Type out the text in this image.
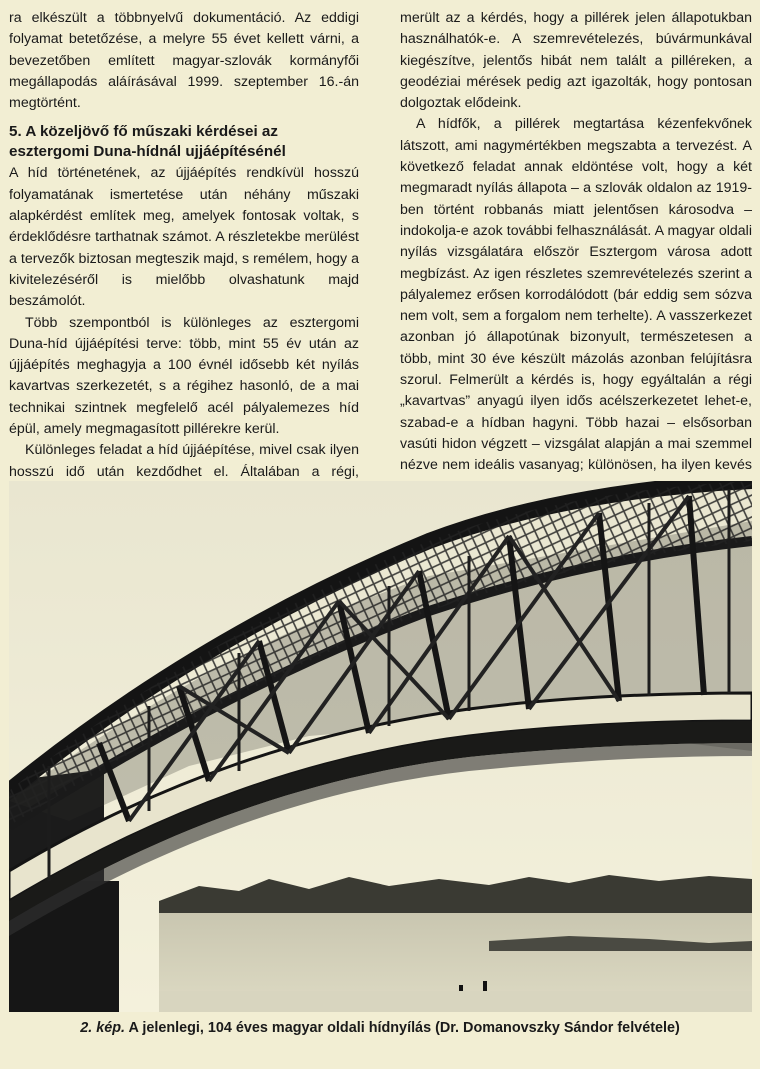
ra elkészült a többnyelvű dokumentáció. Az eddigi folyamat betetőzése, a melyre 55 évet kellett várni, a bevezetőben említett magyar-szlovák kormányfői megállapodás aláírásával 1999. szeptember 16.-án megtörtént.

5. A közeljövő fő műszaki kérdései az esztergomi Duna-hídnál ujjáépítésénél

A híd történetének, az újjáépítés rendkívül hosszú folyamatának ismertetése után néhány műszaki alapkérdést említek meg, amelyek fontosak voltak, s érdeklődésre tarthatnak számot. A részletekbe merülést a tervezők biztosan megteszik majd, s remélem, hogy a kivitelezéséről is mielőbb olvashatunk majd beszámolót.

Több szempontból is különleges az esztergomi Duna-híd újjáépítési terve: több, mint 55 év után az újjáépítés meghagyja a 100 évnél idősebb két nyílás kavartvas szerkezetét, s a régihez hasonló, de a mai technikai szintnek megfelelő acél pályalemezes híd épül, amely megmagasított pillérekre kerül.

Különleges feladat a híd újjáépítése, mivel csak ilyen hosszú idő után kezdődhet el. Általában a régi,

merült az a kérdés, hogy a pillérek jelen állapotukban használhatók-e. A szemrevételezés, búvármunkával kiegészítve, jelentős hibát nem talált a pilléreken, a geodéziai mérések pedig azt igazolták, hogy pontosan dolgoztak elődeink.

A hídfők, a pillérek megtartása kézenfekvőnek látszott, ami nagymértékben megszabta a tervezést. A következő feladat annak eldöntése volt, hogy a két megmaradt nyílás állapota – a szlovák oldalon az 1919-ben történt robbanás miatt jelentősen károsodva – indokolja-e azok további felhasználását. A magyar oldali nyílás vizsgálatára először Esztergom városa adott megbízást. Az igen részletes szemrevételezés szerint a pályalemez erősen korrodálódott (bár eddig sem sózva nem volt, sem a forgalom nem terhelte). A vasszerkezet azonban jó állapotúnak bizonyult, természetesen a több, mint 30 éve készült mázolás azonban felújításra szorul. Felmerült a kérdés is, hogy egyáltalán a régi „kavartvas” anyagú ilyen idős acélszerkezetet lehet-e, szabad-e a hídban hagyni. Több hazai – elsősorban vasúti hidon végzett – vizsgálat alapján a mai szemmel nézve nem ideális vasanyag; különösen, ha ilyen kevés

2. kép. A jelenlegi, 104 éves magyar oldali hídnyílás (Dr. Domanovszky Sándor felvétele)
